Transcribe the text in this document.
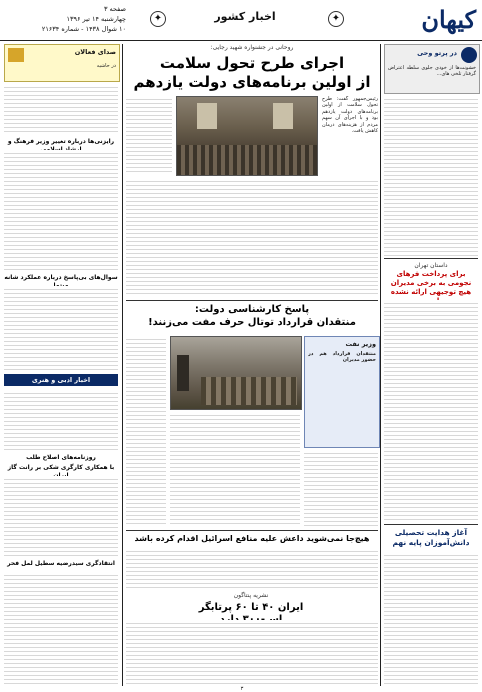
کیهان
✦
اخبار کشور
✦
صفحه ۳
چهارشنبه ۱۴ تیر ۱۳۹۶
۱۰ شوال ۱۴۳۸ - شماره ۲۱۶۳۴
در پرتو وحی
خشونت‌ها از خودی جلوی سلطه اعتراض گرفتار تلخی های...
داستان تهران
برای پرداخت فرهای نجومی به برخی مدیران هیچ توجیهی ارائه نشده
آغاز هدایت تحصیلی دانش‌آموزان پایه نهم
روحانی در جشنواره شهید رجایی:
اجرای طرح تحول سلامت
از اولین برنامه‌های دولت یازدهم
رئیس‌جمهور گفت: طرح تحول سلامت از اولین برنامه‌های دولت یازدهم بود و با اجرای آن سهم مردم از هزینه‌های درمان کاهش یافت.
پاسخ کارشناسی دولت:
منتقدان قرارداد توتال حرف مفت می‌زنند!
وزیر نفت
منتقدان قرارداد هم در حضور مدیران
هیچ‌جا نمی‌شوید داعش علیه منافع اسرائیل اقدام کرده باشد
نشریه پنتاگون
ایران ۴۰ تا ۶۰ پرتابگر
صدای فعالان
در حاشیه
رایزنی‌ها درباره تغییر وزیر فرهنگ و
سوال‌های بی‌پاسخ درباره عملکرد شانه
اخبار ادبی و هنری
روزنامه‌های اصلاح طلب
با همکاری کارگری شکی بر رانت گاز
انتقادگری سیدرضیه سطیل لمل فحر
۳
